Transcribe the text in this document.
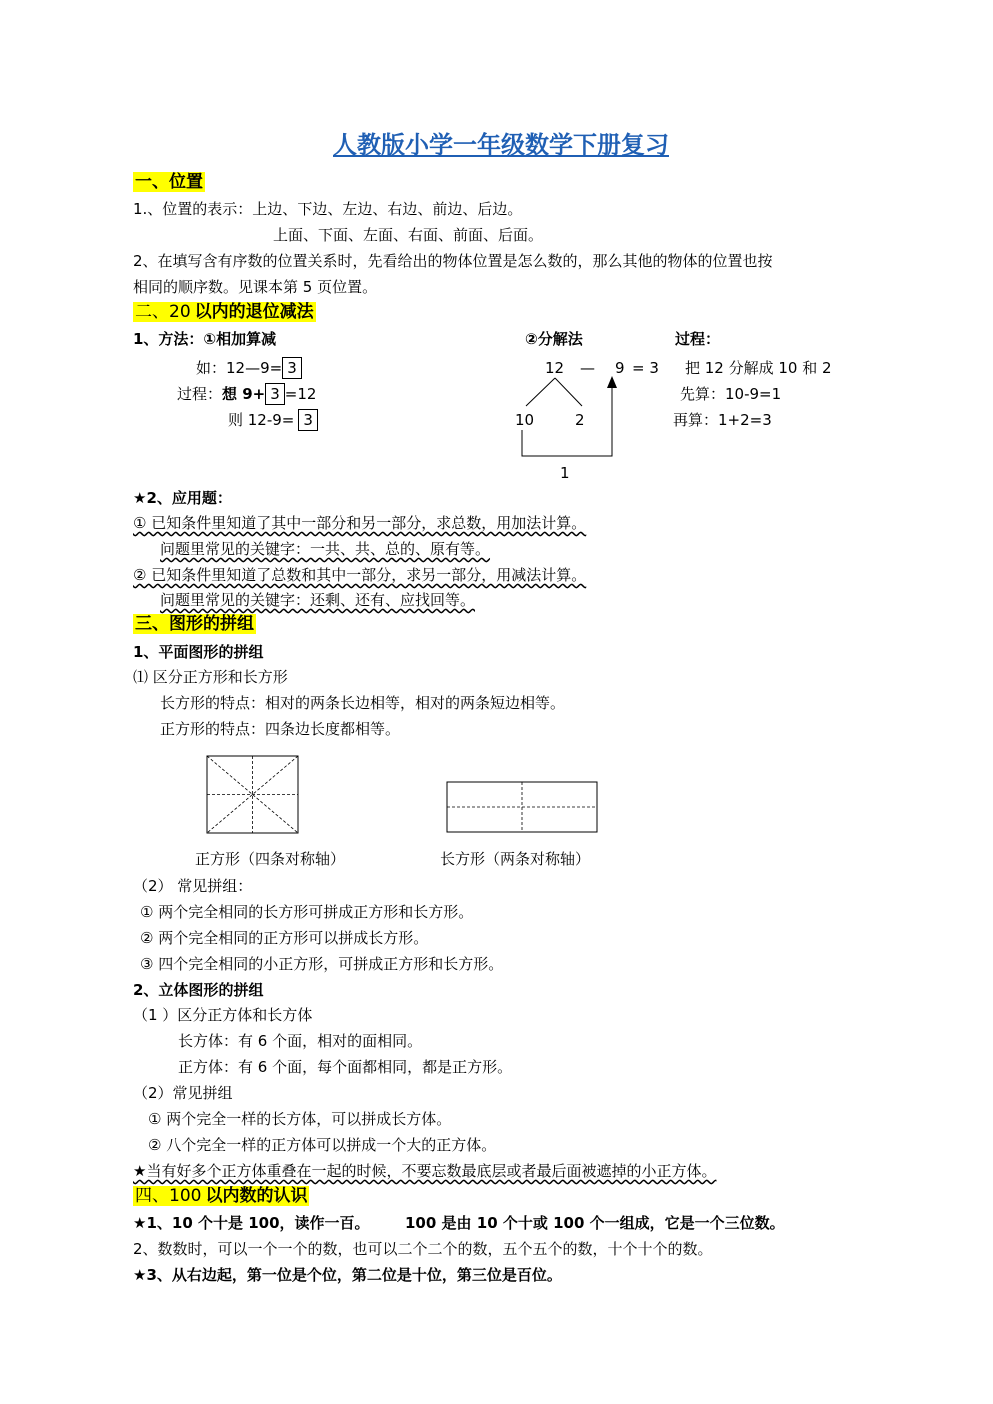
人教版小学一年级数学下册复习
一、位置
1.、位置的表示：上边、下边、左边、右边、前边、后边。
上面、下面、左面、右面、前面、后面。
2、在填写含有序数的位置关系时，先看给出的物体位置是怎么数的，那么其他的物体的位置也按
相同的顺序数。见课本第 5 页位置。
二、20 以内的退位减法
1、方法：①相加算减	②分解法	过程：
如：12—9= 3
过程：想 9+ 3 =12
则 12-9= 3
12 — 9 = 3
10	2
1
把 12 分解成 10 和 2
先算：10-9=1
再算：1+2=3
★2、应用题：
① 已知条件里知道了其中一部分和另一部分，求总数，用加法计算。
问题里常见的关键字：一共、共、总的、原有等。
② 已知条件里知道了总数和其中一部分，求另一部分，用减法计算。
问题里常见的关键字：还剩、还有、应找回等。
三、图形的拼组
1、平面图形的拼组
⑴ 区分正方形和长方形
长方形的特点：相对的两条长边相等，相对的两条短边相等。
正方形的特点：四条边长度都相等。
正方形（四条对称轴）	长方形（两条对称轴）
（2） 常见拼组：
① 两个完全相同的长方形可拼成正方形和长方形。
② 两个完全相同的正方形可以拼成长方形。
③ 四个完全相同的小正方形，可拼成正方形和长方形。
2、立体图形的拼组
（1 ）区分正方体和长方体
长方体：有 6 个面，相对的面相同。
正方体：有 6 个面，每个面都相同，都是正方形。
（2）常见拼组
① 两个完全一样的长方体，可以拼成长方体。
② 八个完全一样的正方体可以拼成一个大的正方体。
★当有好多个正方体重叠在一起的时候，不要忘数最底层或者最后面被遮掉的小正方体。
四、100 以内数的认识
★1、10 个十是 100，读作一百。 100 是由 10 个十或 100 个一组成，它是一个三位数。
2、数数时，可以一个一个的数，也可以二个二个的数，五个五个的数，十个十个的数。
★3、从右边起，第一位是个位，第二位是十位，第三位是百位。
